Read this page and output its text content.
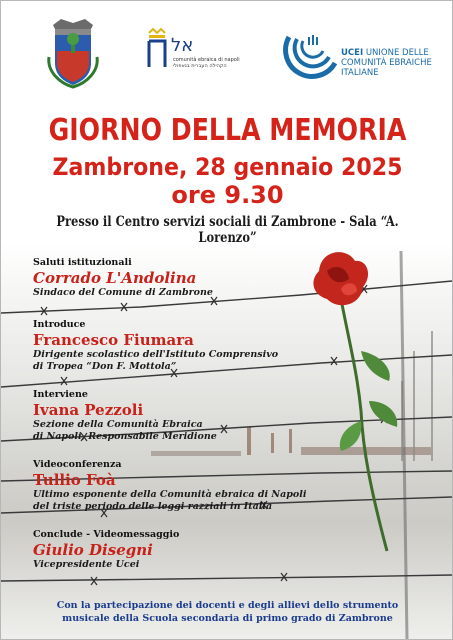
אל
comunità ebraica di napoli
הקהילה העברית בנאפולי
UCEI UNIONE DELLE
COMUNITÀ EBRAICHE
ITALIANE
GIORNO DELLA MEMORIA
Zambrone, 28 gennaio 2025
ore 9.30
Presso il Centro servizi sociali di Zambrone - Sala “A. Lorenzo”

Saluti istituzionali

Corrado L'Andolina

Sindaco del Comune di Zambrone

Introduce

Francesco Fiumara

Dirigente scolastico dell'Istituto Comprensivo
di Tropea “Don F. Mottola”

Interviene

Ivana Pezzoli

Sezione della Comunità Ebraica
di Napoli, Responsabile Meridione

Videoconferenza

Tullio Foà

Ultimo esponente della Comunità ebraica di Napoli
del triste periodo delle leggi razziali in Italia

Conclude - Videomessaggio

Giulio Disegni

Vicepresidente Ucei

Con la partecipazione dei docenti e degli allievi dello strumento
musicale della Scuola secondaria di primo grado di Zambrone
